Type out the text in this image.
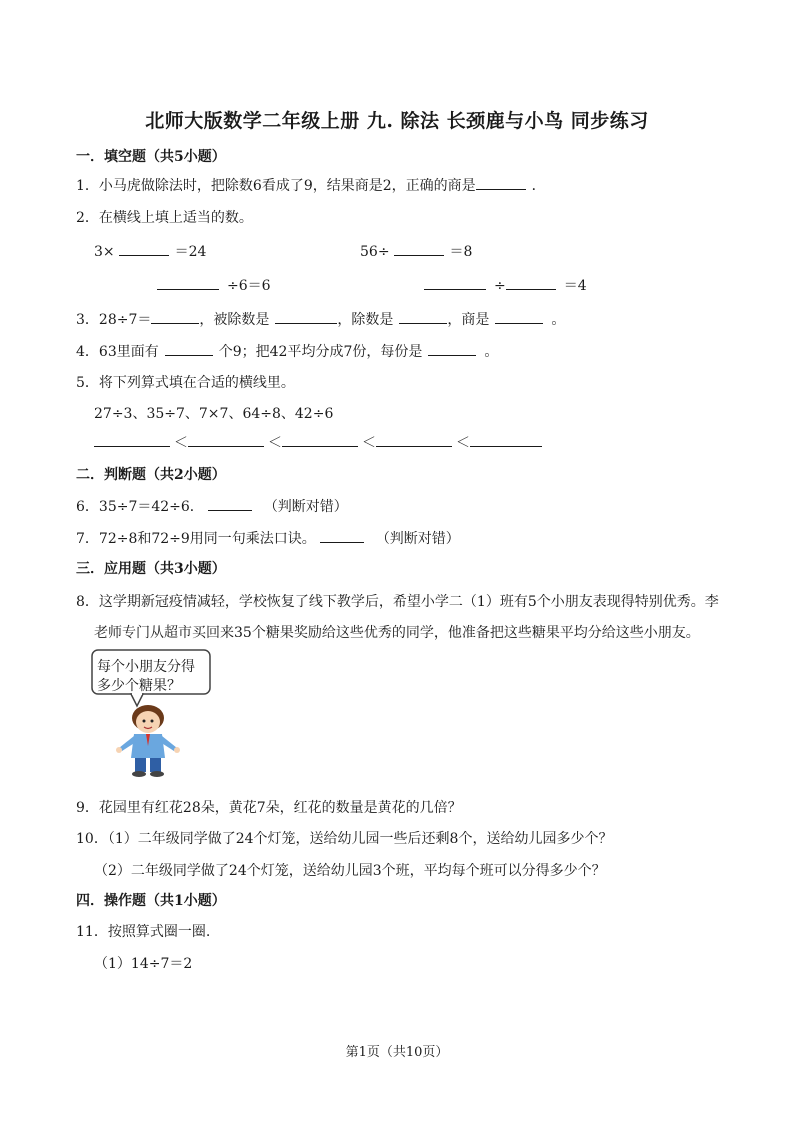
北师大版数学二年级上册 九. 除法 长颈鹿与小鸟 同步练习
一．填空题（共5小题）
1．小马虎做除法时，把除数6看成了9，结果商是2，正确的商是	．
2．在横线上填上适当的数。
3×	＝24	56÷	＝8
÷6＝6	÷	＝4
3．28÷7＝	，被除数是	，除数是	，商是	。
4．63里面有	个9；把42平均分成7份，每份是	。
5．将下列算式填在合适的横线里。
27÷3、35÷7、7×7、64÷8、42÷6
＜	＜	＜	＜
二．判断题（共2小题）
6．35÷7＝42÷6．	（判断对错）
7．72÷8和72÷9用同一句乘法口诀。	（判断对错）
三．应用题（共3小题）
8．这学期新冠疫情减轻，学校恢复了线下教学后，希望小学二（1）班有5个小朋友表现得特别优秀。李
老师专门从超市买回来35个糖果奖励给这些优秀的同学，他准备把这些糖果平均分给这些小朋友。
每个小朋友分得
多少个糖果？
9．花园里有红花28朵，黄花7朵，红花的数量是黄花的几倍？
10．（1）二年级同学做了24个灯笼，送给幼儿园一些后还剩8个，送给幼儿园多少个？
（2）二年级同学做了24个灯笼，送给幼儿园3个班，平均每个班可以分得多少个？
四．操作题（共1小题）
11．按照算式圈一圈.
（1）14÷7＝2
第1页（共10页）
